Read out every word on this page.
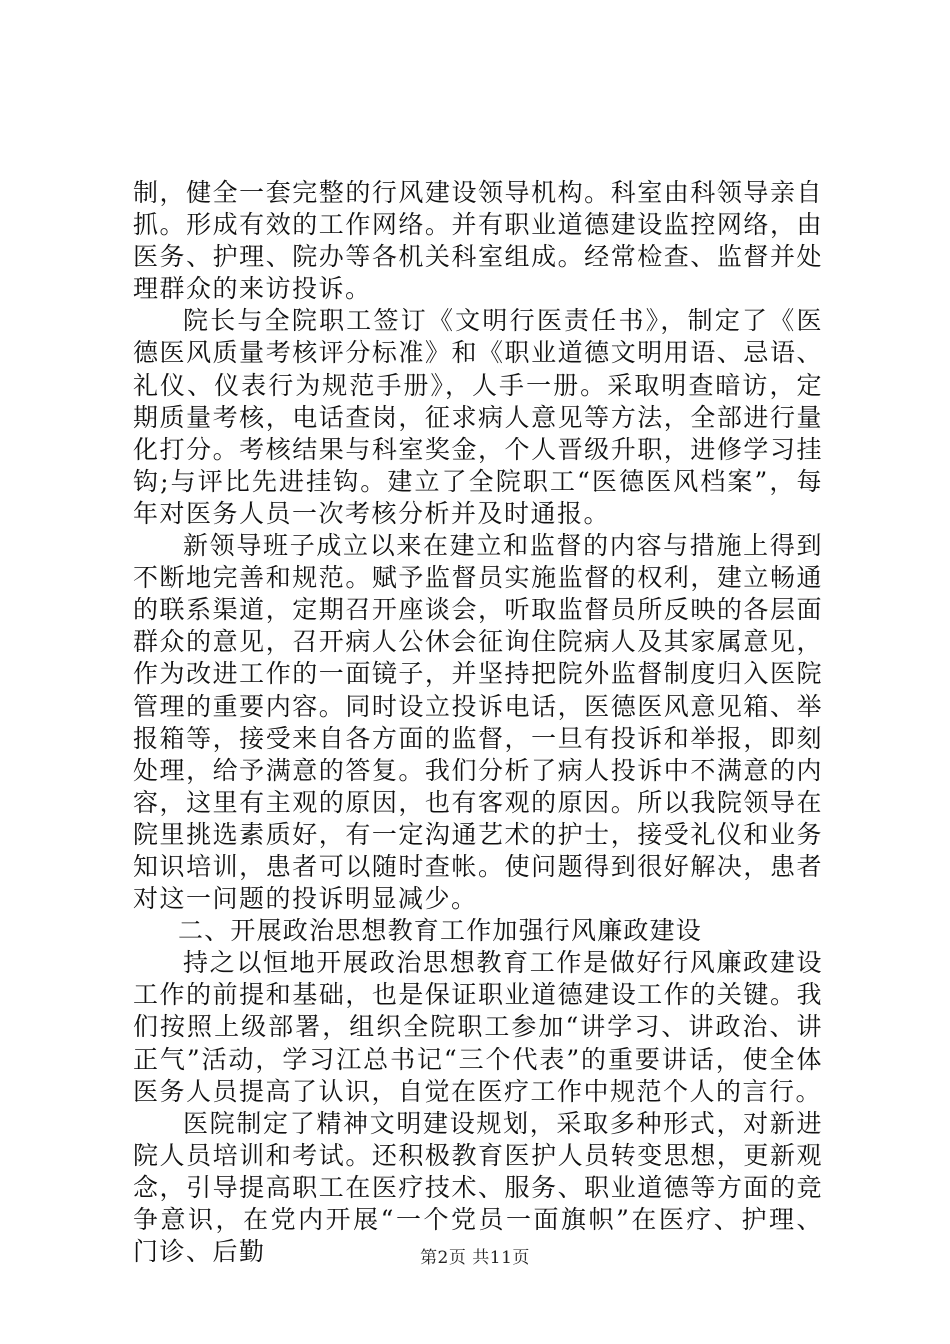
制，健全一套完整的行风建设领导机构。科室由科领导亲自抓。形成有效的工作网络。并有职业道德建设监控网络，由医务、护理、院办等各机关科室组成。经常检查、监督并处理群众的来访投诉。

院长与全院职工签订《文明行医责任书》，制定了《医德医风质量考核评分标准》和《职业道德文明用语、忌语、礼仪、仪表行为规范手册》，人手一册。采取明查暗访，定期质量考核，电话查岗，征求病人意见等方法，全部进行量化打分。考核结果与科室奖金，个人晋级升职，进修学习挂钩;与评比先进挂钩。建立了全院职工“医德医风档案”，每年对医务人员一次考核分析并及时通报。

新领导班子成立以来在建立和监督的内容与措施上得到不断地完善和规范。赋予监督员实施监督的权利，建立畅通的联系渠道，定期召开座谈会，听取监督员所反映的各层面群众的意见，召开病人公休会征询住院病人及其家属意见，作为改进工作的一面镜子，并坚持把院外监督制度归入医院管理的重要内容。同时设立投诉电话，医德医风意见箱、举报箱等，接受来自各方面的监督，一旦有投诉和举报，即刻处理，给予满意的答复。我们分析了病人投诉中不满意的内容，这里有主观的原因，也有客观的原因。所以我院领导在院里挑选素质好，有一定沟通艺术的护士，接受礼仪和业务知识培训，患者可以随时查帐。使问题得到很好解决，患者对这一问题的投诉明显减少。

二、开展政治思想教育工作加强行风廉政建设

持之以恒地开展政治思想教育工作是做好行风廉政建设工作的前提和基础，也是保证职业道德建设工作的关键。我们按照上级部署，组织全院职工参加“讲学习、讲政治、讲正气”活动，学习江总书记“三个代表”的重要讲话，使全体医务人员提高了认识，自觉在医疗工作中规范个人的言行。

医院制定了精神文明建设规划，采取多种形式，对新进院人员培训和考试。还积极教育医护人员转变思想，更新观念，引导提高职工在医疗技术、服务、职业道德等方面的竞争意识，在党内开展“一个党员一面旗帜”在医疗、护理、门诊、后勤	第2页 共11页
